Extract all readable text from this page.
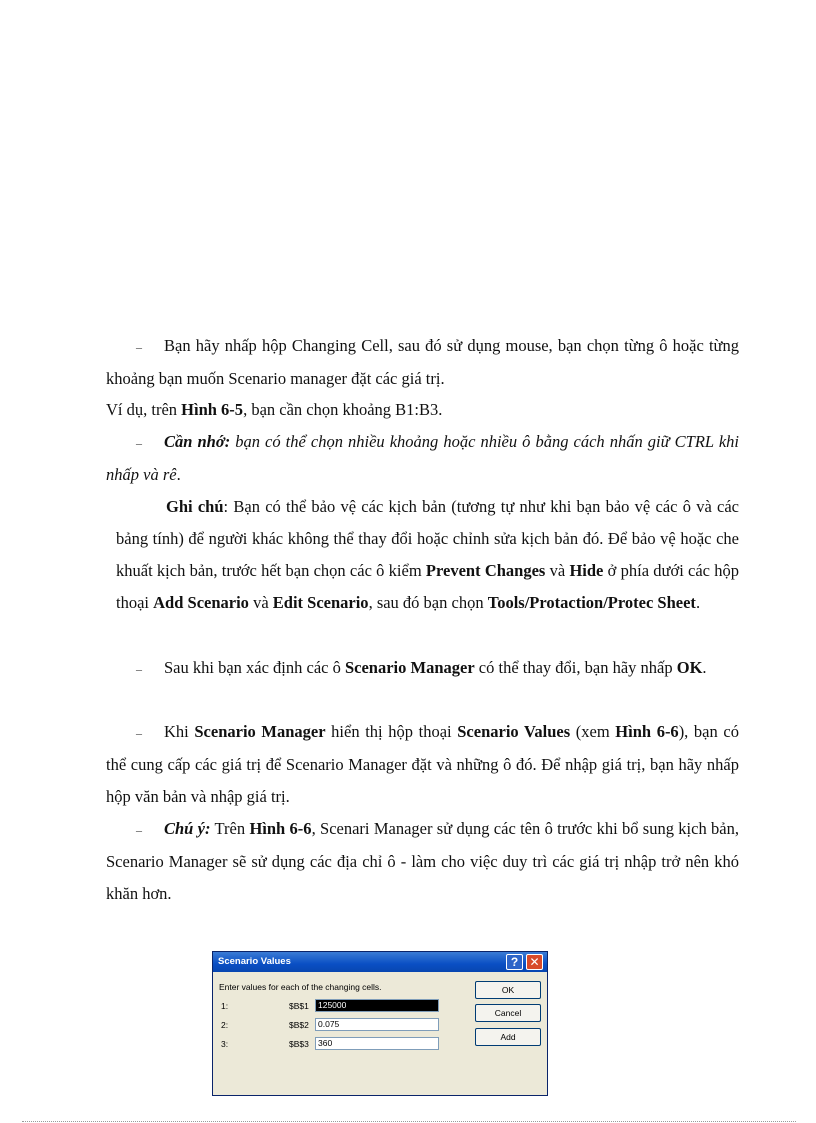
– Bạn hãy nhấp hộp Changing Cell, sau đó sử dụng mouse, bạn chọn từng ô hoặc từng khoảng bạn muốn Scenario manager đặt các giá trị.

Ví dụ, trên Hình 6-5, bạn cần chọn khoảng B1:B3.

– Cần nhớ: bạn có thể chọn nhiều khoảng hoặc nhiều ô bằng cách nhấn giữ CTRL khi nhấp và rê.

Ghi chú: Bạn có thể bảo vệ các kịch bản (tương tự như khi bạn bảo vệ các ô và các bảng tính) để người khác không thể thay đổi hoặc chỉnh sửa kịch bản đó. Để bảo vệ hoặc che khuất kịch bản, trước hết bạn chọn các ô kiểm Prevent Changes và Hide ở phía dưới các hộp thoại Add Scenario và Edit Scenario, sau đó bạn chọn Tools/Protaction/Protec Sheet.

– Sau khi bạn xác định các ô Scenario Manager có thể thay đổi, bạn hãy nhấp OK.

– Khi Scenario Manager hiển thị hộp thoại Scenario Values (xem Hình 6-6), bạn có thể cung cấp các giá trị để Scenario Manager đặt và những ô đó. Để nhập giá trị, bạn hãy nhấp hộp văn bản và nhập giá trị.

– Chú ý: Trên Hình 6-6, Scenari Manager sử dụng các tên ô trước khi bổ sung kịch bản, Scenario Manager sẽ sử dụng các địa chỉ ô - làm cho việc duy trì các giá trị nhập trở nên khó khăn hơn.

Scenario Values	? ✕
Enter values for each of the changing cells.
1:	$B$1	125000
2:	$B$2	0.075
3:	$B$3	360
OK
Cancel
Add
